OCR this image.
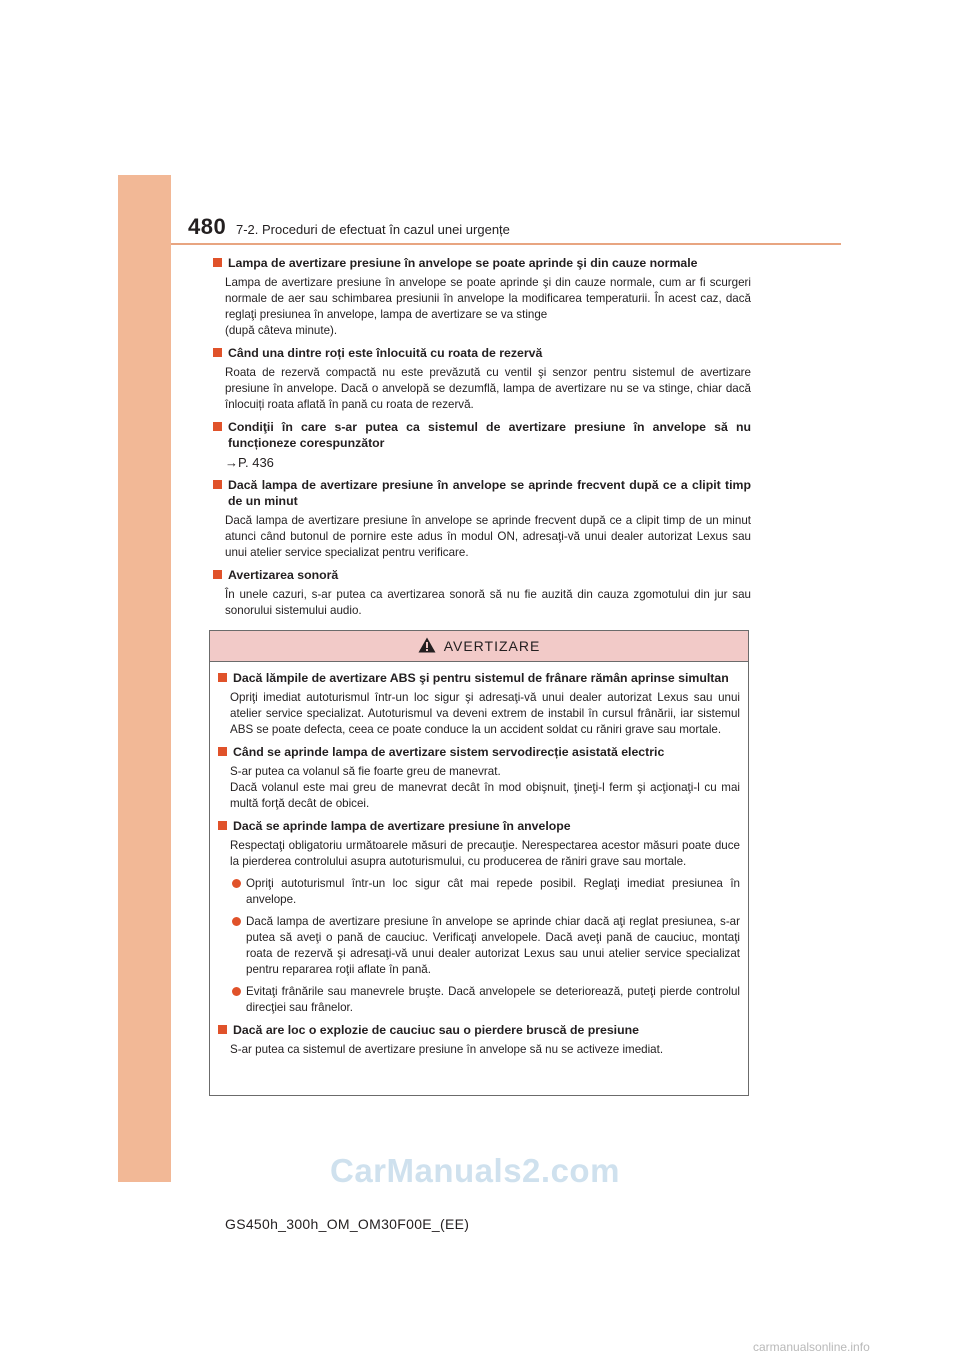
480 7-2. Proceduri de efectuat în cazul unei urgențe
Lampa de avertizare presiune în anvelope se poate aprinde şi din cauze normale
Lampa de avertizare presiune în anvelope se poate aprinde şi din cauze normale, cum ar fi scurgeri normale de aer sau schimbarea presiunii în anvelope la modificarea temperaturii. În acest caz, dacă reglaţi presiunea în anvelope, lampa de avertizare se va stinge
(după câteva minute).
Când una dintre roți este înlocuită cu roata de rezervă
Roata de rezervă compactă nu este prevăzută cu ventil şi senzor pentru sistemul de avertizare presiune în anvelope. Dacă o anvelopă se dezumflă, lampa de avertizare nu se va stinge, chiar dacă înlocuiți roata aflată în pană cu roata de rezervă.
Condiţii în care s-ar putea ca sistemul de avertizare presiune în anvelope să nu funcționeze corespunzător
→P. 436
Dacă lampa de avertizare presiune în anvelope se aprinde frecvent după ce a clipit timp de un minut
Dacă lampa de avertizare presiune în anvelope se aprinde frecvent după ce a clipit timp de un minut atunci când butonul de pornire este adus în modul ON, adresaţi-vă unui dealer autorizat Lexus sau unui atelier service specializat pentru verificare.
Avertizarea sonoră
În unele cazuri, s-ar putea ca avertizarea sonoră să nu fie auzită din cauza zgomotului din jur sau sonorului sistemului audio.
AVERTIZARE
Dacă lămpile de avertizare ABS şi pentru sistemul de frânare rămân aprinse simultan
Opriţi imediat autoturismul într-un loc sigur şi adresaţi-vă unui dealer autorizat Lexus sau unui atelier service specializat. Autoturismul va deveni extrem de instabil în cursul frânării, iar sistemul ABS se poate defecta, ceea ce poate conduce la un accident soldat cu răniri grave sau mortale.
Când se aprinde lampa de avertizare sistem servodirecție asistată electric
S-ar putea ca volanul să fie foarte greu de manevrat.
Dacă volanul este mai greu de manevrat decât în mod obişnuit, ţineţi-l ferm şi acţionaţi-l cu mai multă forţă decât de obicei.
Dacă se aprinde lampa de avertizare presiune în anvelope
Respectaţi obligatoriu următoarele măsuri de precauţie. Nerespectarea acestor măsuri poate duce la pierderea controlului asupra autoturismului, cu producerea de răniri grave sau mortale.
Opriţi autoturismul într-un loc sigur cât mai repede posibil. Reglaţi imediat presiunea în anvelope.
Dacă lampa de avertizare presiune în anvelope se aprinde chiar dacă aţi reglat presiunea, s-ar putea să aveţi o pană de cauciuc. Verificaţi anvelopele. Dacă aveţi pană de cauciuc, montaţi roata de rezervă şi adresaţi-vă unui dealer autorizat Lexus sau unui atelier service specializat pentru repararea roţii aflate în pană.
Evitaţi frânările sau manevrele bruşte. Dacă anvelopele se deteriorează, puteţi pierde controlul direcţiei sau frânelor.
Dacă are loc o explozie de cauciuc sau o pierdere bruscă de presiune
S-ar putea ca sistemul de avertizare presiune în anvelope să nu se activeze imediat.
CarManuals2.com
GS450h_300h_OM_OM30F00E_(EE)
carmanualsonline.info
